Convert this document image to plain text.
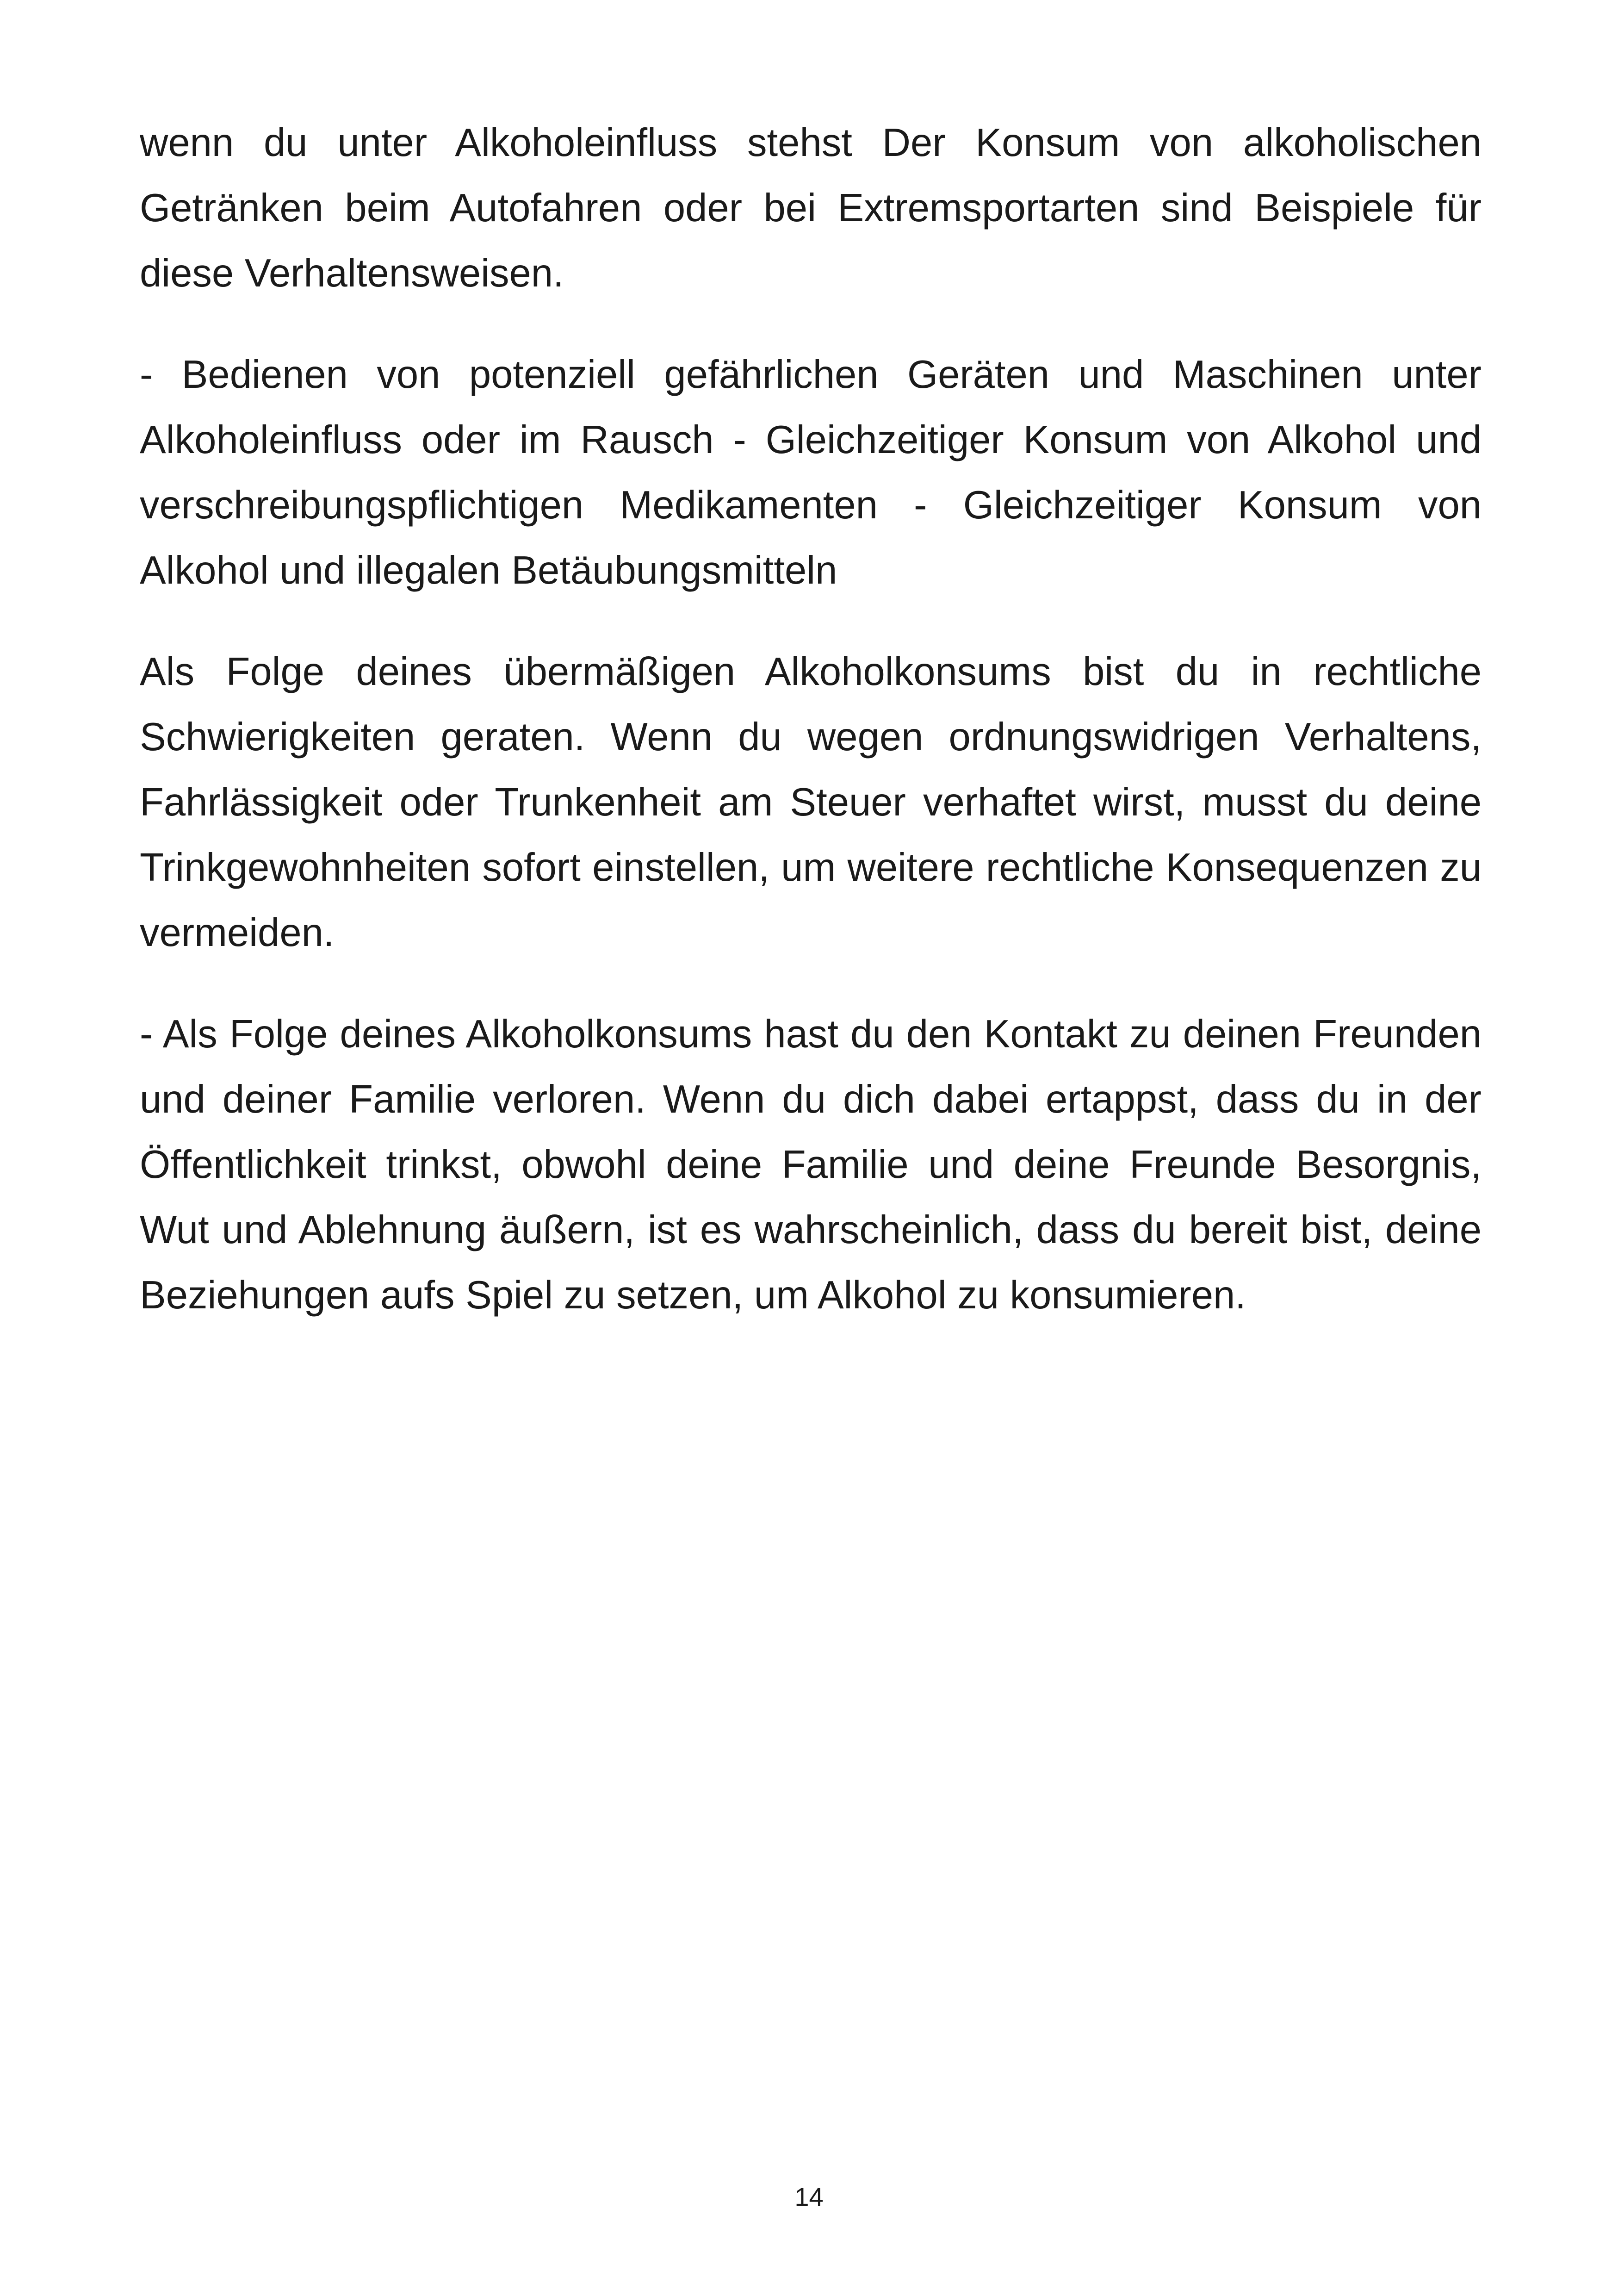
wenn du unter Alkoholeinfluss stehst Der Konsum von alkoholischen Getränken beim Autofahren oder bei Extremsportarten sind Beispiele für diese Verhaltensweisen.

- Bedienen von potenziell gefährlichen Geräten und Maschinen unter Alkoholeinfluss oder im Rausch - Gleichzeitiger Konsum von Alkohol und verschreibungspflichtigen Medikamenten - Gleichzeitiger Konsum von Alkohol und illegalen Betäubungsmitteln

Als Folge deines übermäßigen Alkoholkonsums bist du in rechtliche Schwierigkeiten geraten. Wenn du wegen ordnungswidrigen Verhaltens, Fahrlässigkeit oder Trunkenheit am Steuer verhaftet wirst, musst du deine Trinkgewohnheiten sofort einstellen, um weitere rechtliche Konsequenzen zu vermeiden.

- Als Folge deines Alkoholkonsums hast du den Kontakt zu deinen Freunden und deiner Familie verloren. Wenn du dich dabei ertappst, dass du in der Öffentlichkeit trinkst, obwohl deine Familie und deine Freunde Besorgnis, Wut und Ablehnung äußern, ist es wahrscheinlich, dass du bereit bist, deine Beziehungen aufs Spiel zu setzen, um Alkohol zu konsumieren.

14
